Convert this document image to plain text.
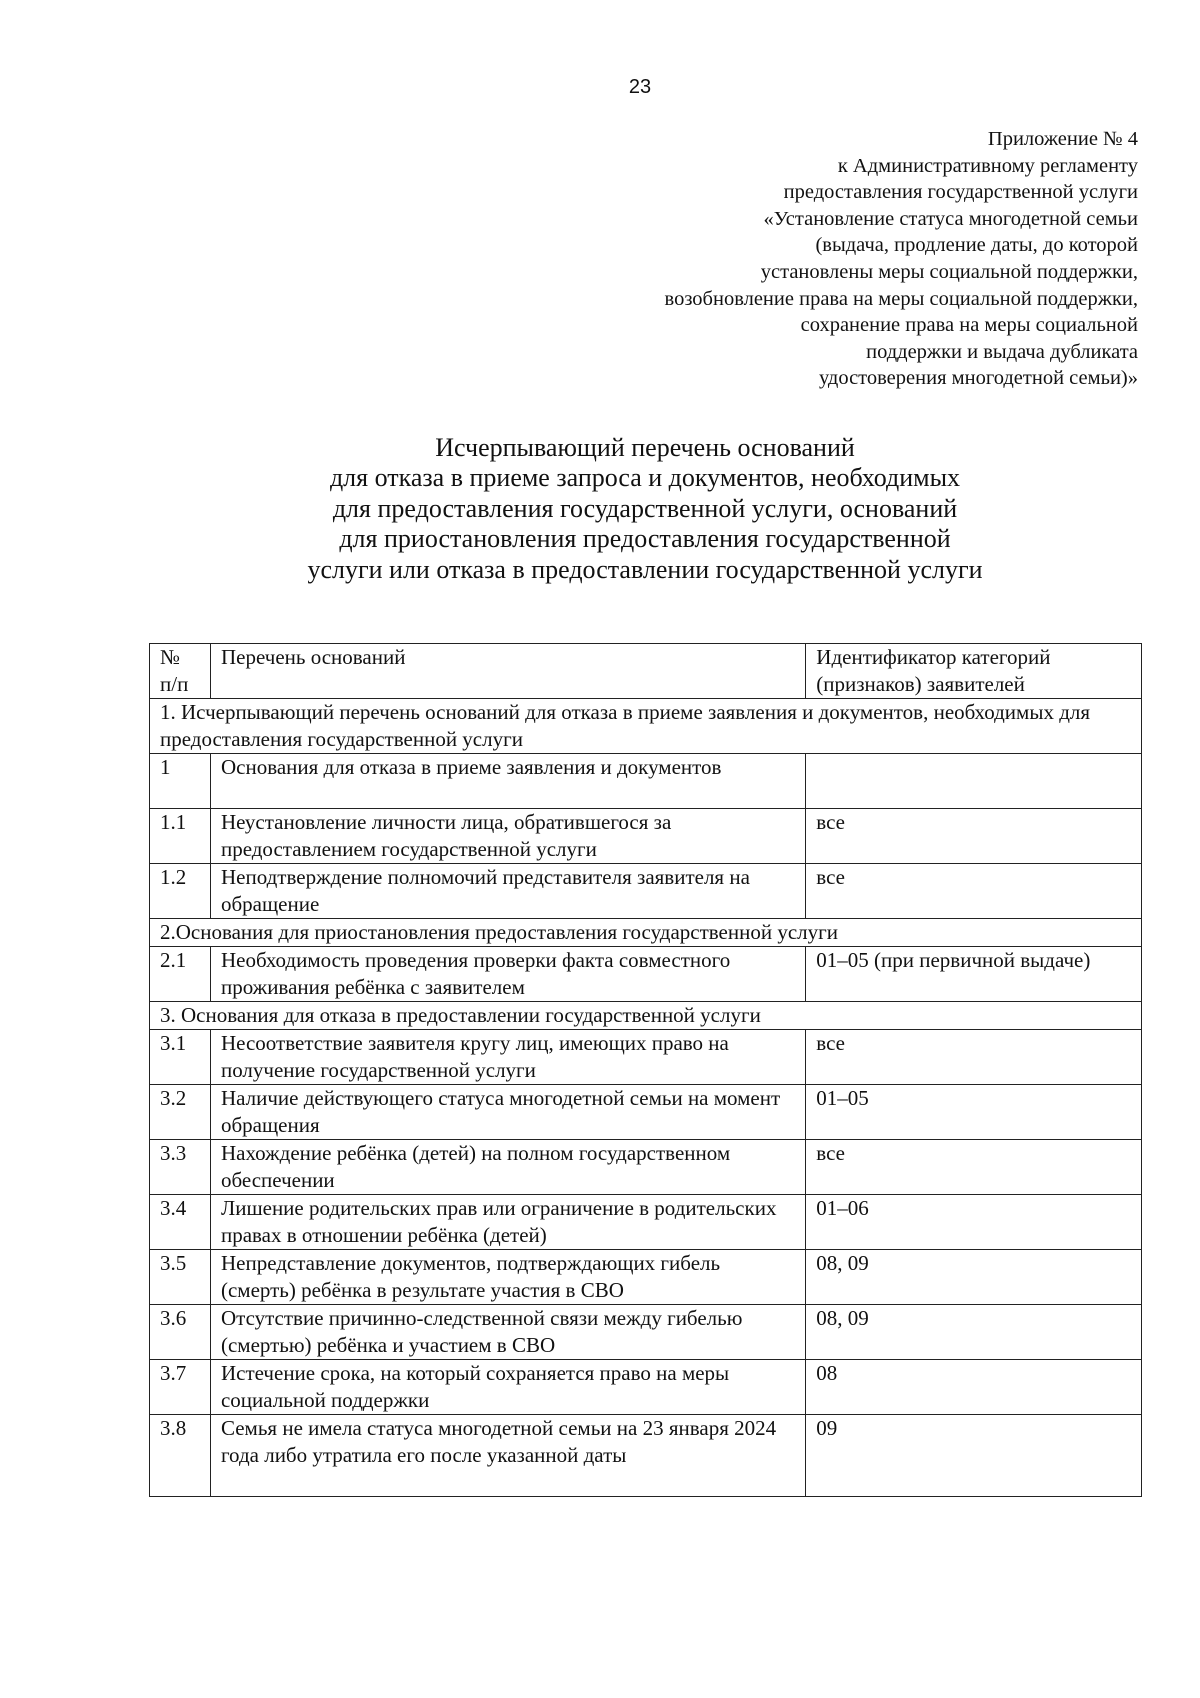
23
Приложение № 4
к Административному регламенту
предоставления государственной услуги
«Установление статуса многодетной семьи
(выдача, продление даты, до которой
установлены меры социальной поддержки,
возобновление права на меры социальной поддержки,
сохранение права на меры социальной
поддержки и выдача дубликата
удостоверения многодетной семьи)»
Исчерпывающий перечень оснований
для отказа в приеме запроса и документов, необходимых
для предоставления государственной услуги, оснований
для приостановления предоставления государственной
услуги или отказа в предоставлении государственной услуги
№ п/п	Перечень оснований	Идентификатор категорий (признаков) заявителей
1. Исчерпывающий перечень оснований для отказа в приеме заявления и документов, необходимых для предоставления государственной услуги		
1	Основания для отказа в приеме заявления и документов	
1.1	Неустановление личности лица, обратившегося за предоставлением государственной услуги	все
1.2	Неподтверждение полномочий представителя заявителя на обращение	все
2.Основания для приостановления предоставления государственной услуги		
2.1	Необходимость проведения проверки факта совместного проживания ребёнка с заявителем	01–05 (при первичной выдаче)
3. Основания для отказа в предоставлении государственной услуги		
3.1	Несоответствие заявителя кругу лиц, имеющих право на получение государственной услуги	все
3.2	Наличие действующего статуса многодетной семьи на момент обращения	01–05
3.3	Нахождение ребёнка (детей) на полном государственном обеспечении	все
3.4	Лишение родительских прав или ограничение в родительских правах в отношении ребёнка (детей)	01–06
3.5	Непредставление документов, подтверждающих гибель (смерть) ребёнка в результате участия в СВО	08, 09
3.6	Отсутствие причинно-следственной связи между гибелью (смертью) ребёнка и участием в СВО	08, 09
3.7	Истечение срока, на который сохраняется право на меры социальной поддержки	08
3.8	Семья не имела статуса многодетной семьи на 23 января 2024 года либо утратила его после указанной даты	09
